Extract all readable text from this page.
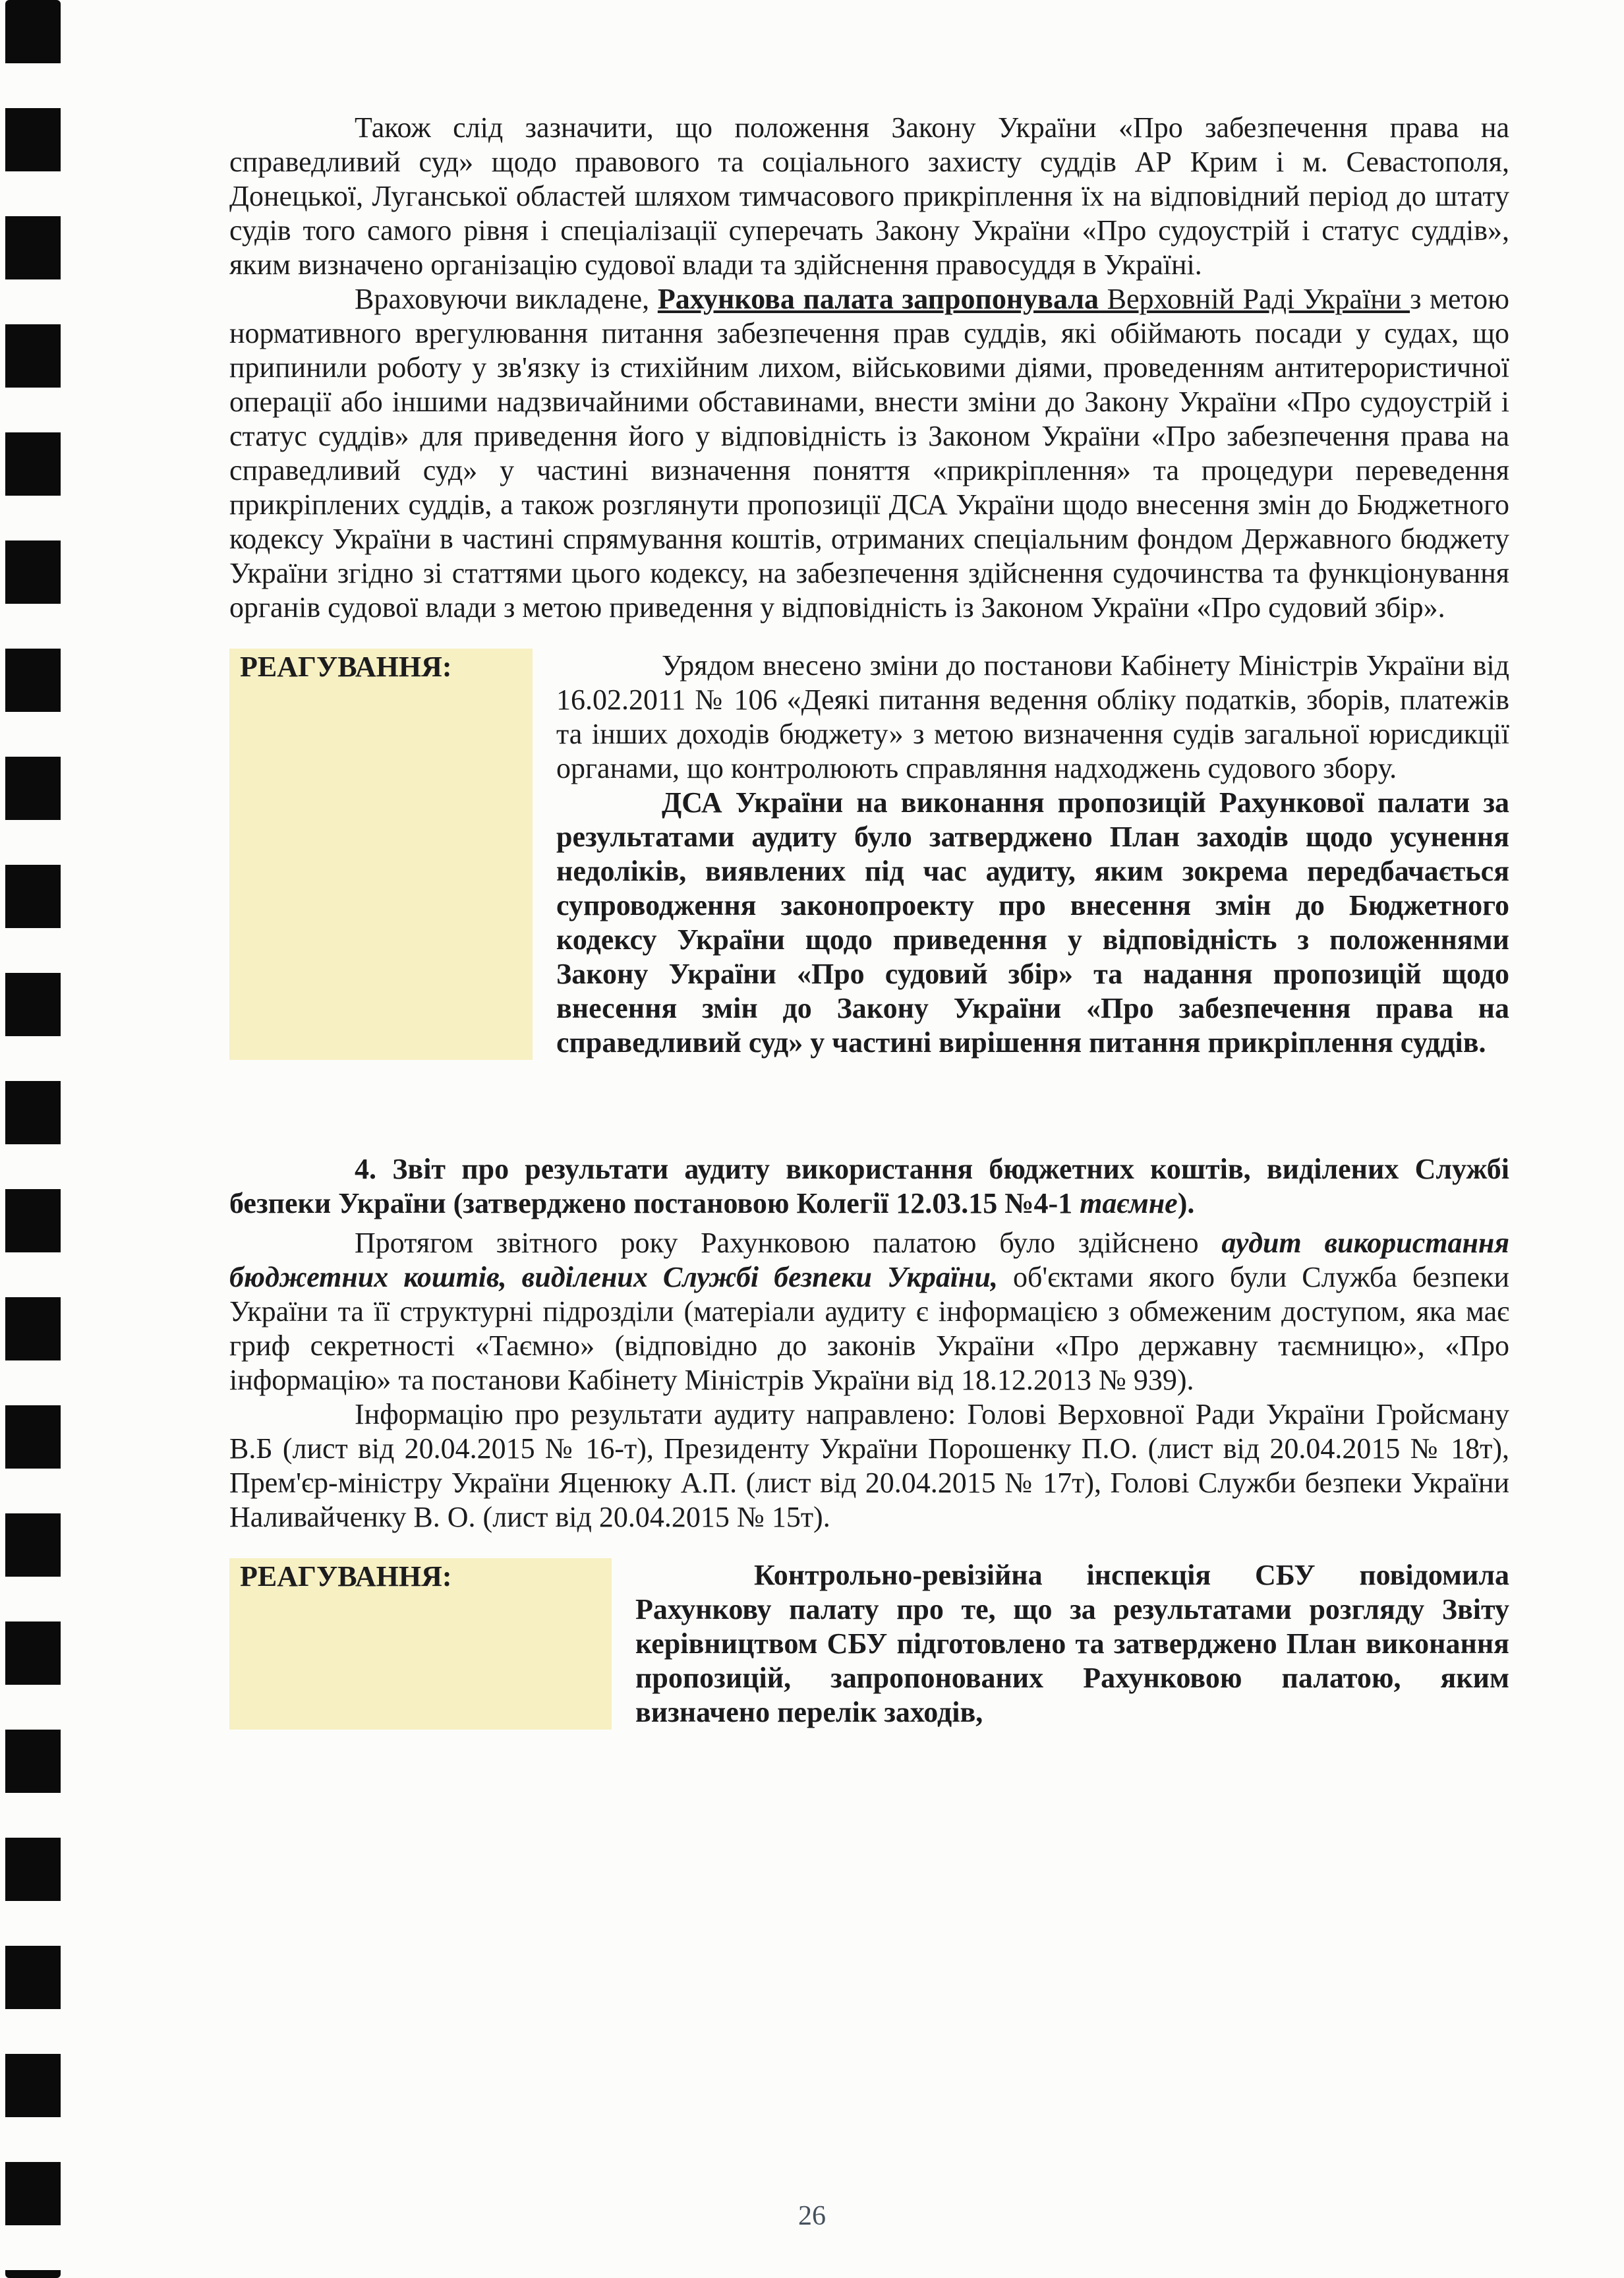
Також слід зазначити, що положення Закону України «Про забезпечення права на справедливий суд» щодо правового та соціального захисту суддів АР Крим і м. Севастополя, Донецької, Луганської областей шляхом тимчасового прикріплення їх на відповідний період до штату судів того самого рівня і спеціалізації суперечать Закону України «Про судоустрій і статус суддів», яким визначено організацію судової влади та здійснення правосуддя в Україні.

Враховуючи викладене, Рахункова палата запропонувала Верховній Раді України з метою нормативного врегулювання питання забезпечення прав суддів, які обіймають посади у судах, що припинили роботу у зв'язку із стихійним лихом, військовими діями, проведенням антитерористичної операції або іншими надзвичайними обставинами, внести зміни до Закону України «Про судоустрій і статус суддів» для приведення його у відповідність із Законом України «Про забезпечення права на справедливий суд» у частині визначення поняття «прикріплення» та процедури переведення прикріплених суддів, а також розглянути пропозиції ДСА України щодо внесення змін до Бюджетного кодексу України в частині спрямування коштів, отриманих спеціальним фондом Державного бюджету України згідно зі статтями цього кодексу, на забезпечення здійснення судочинства та функціонування органів судової влади з метою приведення у відповідність із Законом України «Про судовий збір».

РЕАГУВАННЯ:	Урядом внесено зміни до постанови Кабінету Міністрів України від 16.02.2011 № 106 «Деякі питання ведення обліку податків, зборів, платежів та інших доходів бюджету» з метою визначення судів загальної юрисдикції органами, що контролюють справляння надходжень судового збору.

ДСА України на виконання пропозицій Рахункової палати за результатами аудиту було затверджено План заходів щодо усунення недоліків, виявлених під час аудиту, яким зокрема передбачається супроводження законопроекту про внесення змін до Бюджетного кодексу України щодо приведення у відповідність з положеннями Закону України «Про судовий збір» та надання пропозицій щодо внесення змін до Закону України «Про забезпечення права на справедливий суд» у частині вирішення питання прикріплення суддів.

4. Звіт про результати аудиту використання бюджетних коштів, виділених Службі безпеки України (затверджено постановою Колегії 12.03.15 №4-1 таємне).

Протягом звітного року Рахунковою палатою було здійснено аудит використання бюджетних коштів, виділених Службі безпеки України, об'єктами якого були Служба безпеки України та її структурні підрозділи (матеріали аудиту є інформацією з обмеженим доступом, яка має гриф секретності «Таємно» (відповідно до законів України «Про державну таємницю», «Про інформацію» та постанови Кабінету Міністрів України від 18.12.2013 № 939).

Інформацію про результати аудиту направлено: Голові Верховної Ради України Гройсману В.Б (лист від 20.04.2015 № 16-т), Президенту України Порошенку П.О. (лист від 20.04.2015 № 18т), Прем'єр-міністру України Яценюку А.П. (лист від 20.04.2015 № 17т), Голові Служби безпеки України Наливайченку В. О. (лист від 20.04.2015 № 15т).

РЕАГУВАННЯ:	Контрольно-ревізійна інспекція СБУ повідомила Рахункову палату про те, що за результатами розгляду Звіту керівництвом СБУ підготовлено та затверджено План виконання пропозицій, запропонованих Рахунковою палатою, яким визначено перелік заходів,

26
